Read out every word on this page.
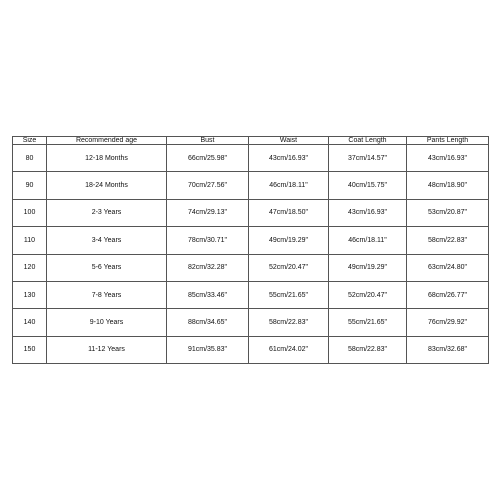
Size	Recommended age	Bust	Waist	Coat Length	Pants Length
80	12-18 Months	66cm/25.98"	43cm/16.93"	37cm/14.57"	43cm/16.93"
90	18-24 Months	70cm/27.56"	46cm/18.11"	40cm/15.75"	48cm/18.90"
100	2-3 Years	74cm/29.13"	47cm/18.50"	43cm/16.93"	53cm/20.87"
110	3-4 Years	78cm/30.71"	49cm/19.29"	46cm/18.11"	58cm/22.83"
120	5-6 Years	82cm/32.28"	52cm/20.47"	49cm/19.29"	63cm/24.80"
130	7-8 Years	85cm/33.46"	55cm/21.65"	52cm/20.47"	68cm/26.77"
140	9-10 Years	88cm/34.65"	58cm/22.83"	55cm/21.65"	76cm/29.92"
150	11-12 Years	91cm/35.83"	61cm/24.02"	58cm/22.83"	83cm/32.68"
